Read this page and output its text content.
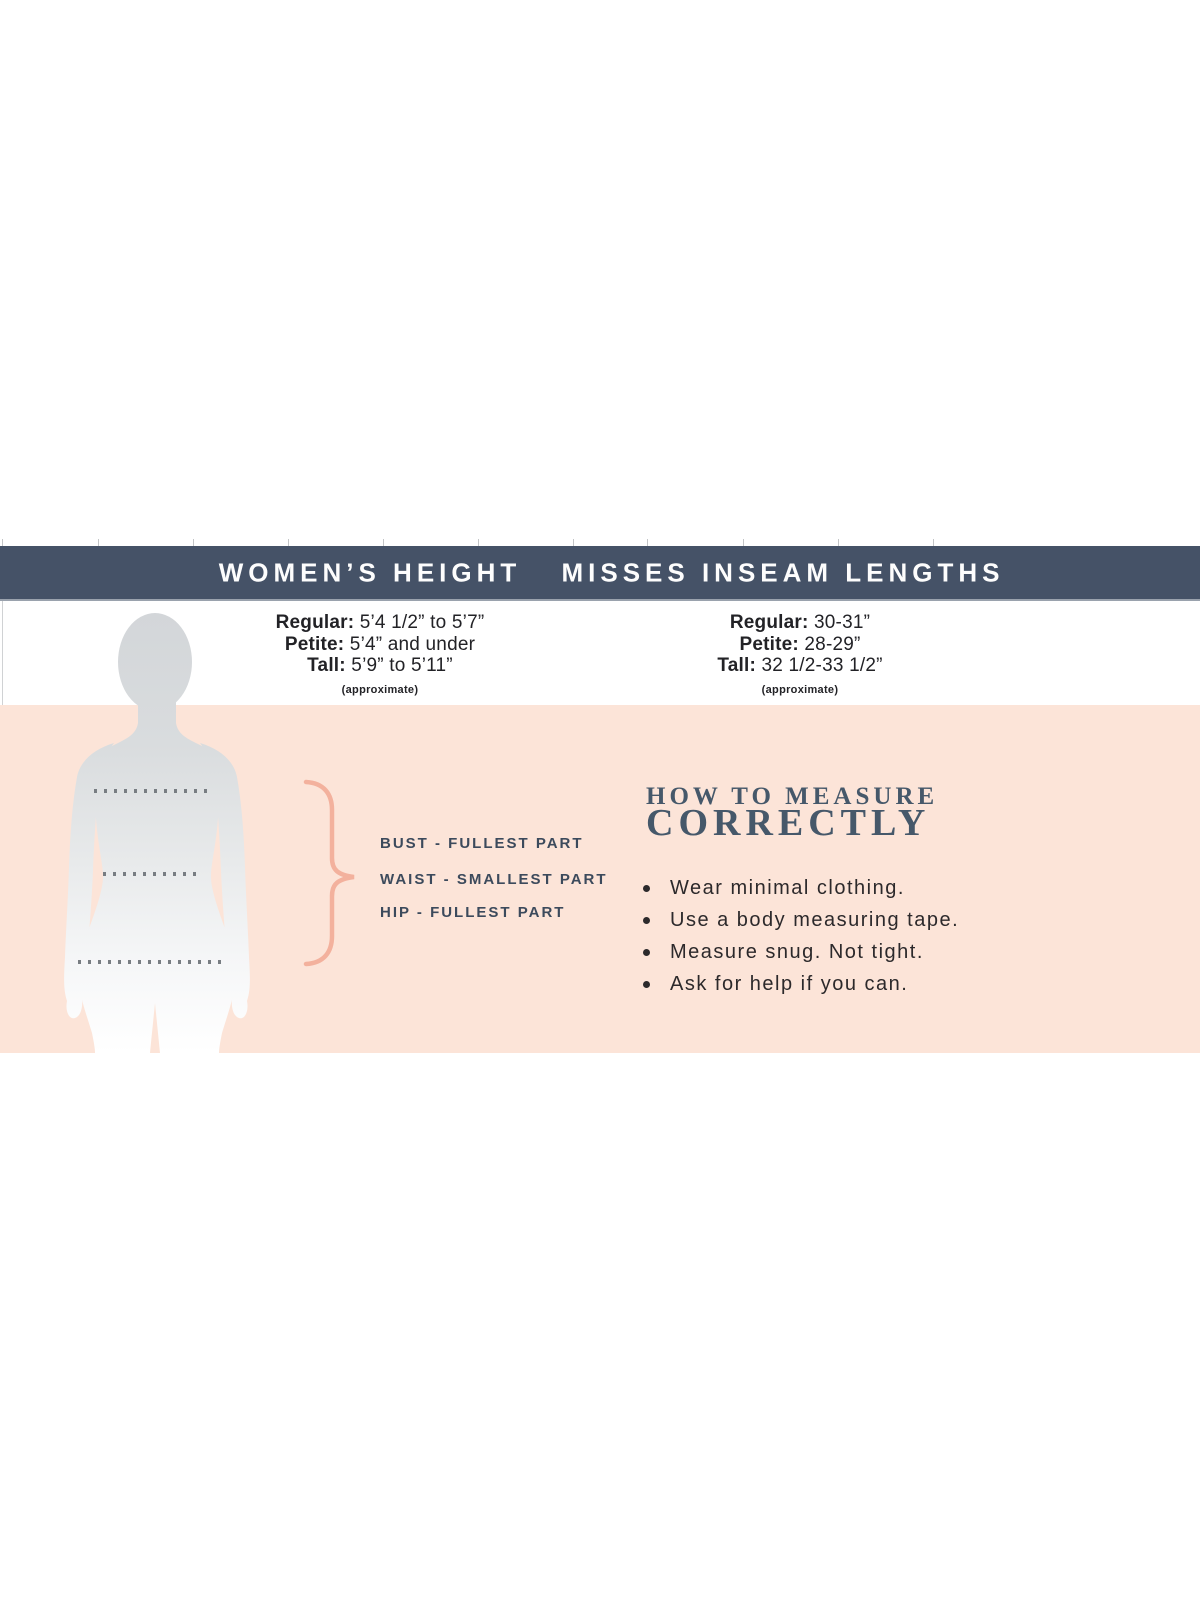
WOMEN’S HEIGHT MISSES INSEAM LENGTHS
Regular: 5’4 1/2” to 5’7”
Petite: 5’4” and under
Tall: 5’9” to 5’11”
(approximate)
Regular: 30-31”
Petite: 28-29”
Tall: 32 1/2-33 1/2”
(approximate)
BUST - FULLEST PART
WAIST - SMALLEST PART
HIP - FULLEST PART
HOW TO MEASURE
CORRECTLY
Wear minimal clothing.
Use a body measuring tape.
Measure snug. Not tight.
Ask for help if you can.
